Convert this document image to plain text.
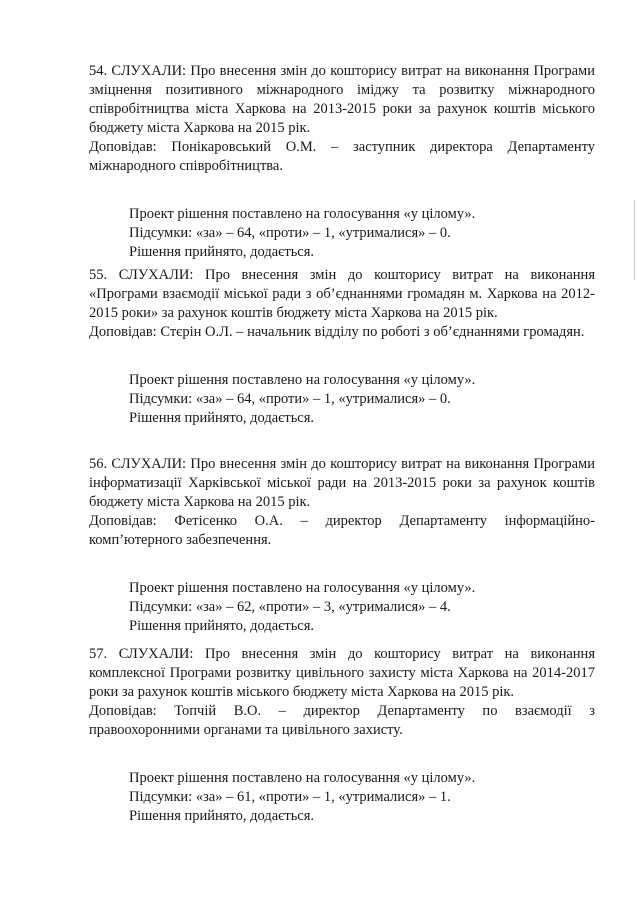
54. СЛУХАЛИ: Про внесення змін до кошторису витрат на виконання Програми зміцнення позитивного міжнародного іміджу та розвитку міжнародного співробітництва міста Харкова на 2013-2015 роки за рахунок коштів міського бюджету міста Харкова на 2015 рік.

Доповідав: Понікаровський О.М. – заступник директора Департаменту міжнародного співробітництва.

Проект рішення поставлено на голосування «у цілому».

Підсумки: «за» – 64, «проти» – 1, «утрималися» – 0.

Рішення прийнято, додається.

55. СЛУХАЛИ: Про внесення змін до кошторису витрат на виконання «Програми взаємодії міської ради з об’єднаннями громадян м. Харкова на 2012-2015 роки» за рахунок коштів бюджету міста Харкова на 2015 рік.

Доповідав: Стєрін О.Л. – начальник відділу по роботі з об’єднаннями громадян.

Проект рішення поставлено на голосування «у цілому».

Підсумки: «за» – 64, «проти» – 1, «утрималися» – 0.

Рішення прийнято, додається.

56. СЛУХАЛИ: Про внесення змін до кошторису витрат на виконання Програми інформатизації Харківської міської ради на 2013-2015 роки за рахунок коштів бюджету міста Харкова на 2015 рік.

Доповідав: Фетісенко О.А. – директор Департаменту інформаційно-комп’ютерного забезпечення.

Проект рішення поставлено на голосування «у цілому».

Підсумки: «за» – 62, «проти» – 3, «утрималися» – 4.

Рішення прийнято, додається.

57. СЛУХАЛИ: Про внесення змін до кошторису витрат на виконання комплексної Програми розвитку цивільного захисту міста Харкова на 2014-2017 роки за рахунок коштів міського бюджету міста Харкова на 2015 рік.

Доповідав: Топчій В.О. – директор Департаменту по взаємодії з правоохоронними органами та цивільного захисту.

Проект рішення поставлено на голосування «у цілому».

Підсумки: «за» – 61, «проти» – 1, «утрималися» – 1.

Рішення прийнято, додається.
